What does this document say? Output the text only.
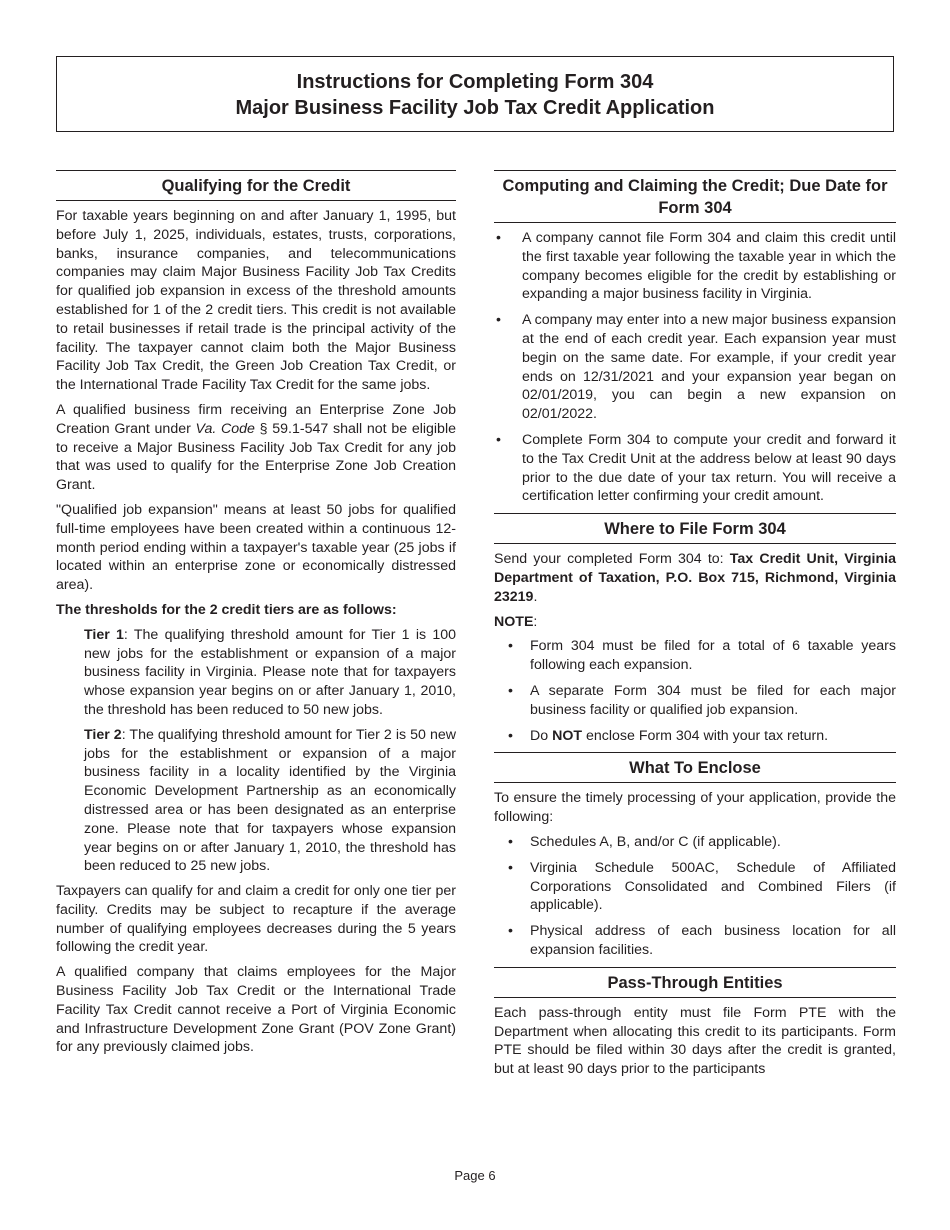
Instructions for Completing Form 304
Major Business Facility Job Tax Credit Application
Qualifying for the Credit

For taxable years beginning on and after January 1, 1995, but before July 1, 2025, individuals, estates, trusts, corporations, banks, insurance companies, and telecommunications companies may claim Major Business Facility Job Tax Credits for qualified job expansion in excess of the threshold amounts established for 1 of the 2 credit tiers. This credit is not available to retail businesses if retail trade is the principal activity of the facility. The taxpayer cannot claim both the Major Business Facility Job Tax Credit, the Green Job Creation Tax Credit, or the International Trade Facility Tax Credit for the same jobs.

A qualified business firm receiving an Enterprise Zone Job Creation Grant under Va. Code § 59.1-547 shall not be eligible to receive a Major Business Facility Job Tax Credit for any job that was used to qualify for the Enterprise Zone Job Creation Grant.

"Qualified job expansion" means at least 50 jobs for qualified full-time employees have been created within a continuous 12-month period ending within a taxpayer's taxable year (25 jobs if located within an enterprise zone or economically distressed area).

The thresholds for the 2 credit tiers are as follows:

Tier 1: The qualifying threshold amount for Tier 1 is 100 new jobs for the establishment or expansion of a major business facility in Virginia. Please note that for taxpayers whose expansion year begins on or after January 1, 2010, the threshold has been reduced to 50 new jobs.

Tier 2: The qualifying threshold amount for Tier 2 is 50 new jobs for the establishment or expansion of a major business facility in a locality identified by the Virginia Economic Development Partnership as an economically distressed area or has been designated as an enterprise zone. Please note that for taxpayers whose expansion year begins on or after January 1, 2010, the threshold has been reduced to 25 new jobs.

Taxpayers can qualify for and claim a credit for only one tier per facility. Credits may be subject to recapture if the average number of qualifying employees decreases during the 5 years following the credit year.

A qualified company that claims employees for the Major Business Facility Job Tax Credit or the International Trade Facility Tax Credit cannot receive a Port of Virginia Economic and Infrastructure Development Zone Grant (POV Zone Grant) for any previously claimed jobs.

Computing and Claiming the Credit; Due Date for Form 304
• A company cannot file Form 304 and claim this credit until the first taxable year following the taxable year in which the company becomes eligible for the credit by establishing or expanding a major business facility in Virginia.
• A company may enter into a new major business expansion at the end of each credit year. Each expansion year must begin on the same date. For example, if your credit year ends on 12/31/2021 and your expansion year began on 02/01/2019, you can begin a new expansion on 02/01/2022.
• Complete Form 304 to compute your credit and forward it to the Tax Credit Unit at the address below at least 90 days prior to the due date of your tax return. You will receive a certification letter confirming your credit amount.
Where to File Form 304

Send your completed Form 304 to: Tax Credit Unit, Virginia Department of Taxation, P.O. Box 715, Richmond, Virginia 23219.

NOTE:

• Form 304 must be filed for a total of 6 taxable years following each expansion.
• A separate Form 304 must be filed for each major business facility or qualified job expansion.
• Do NOT enclose Form 304 with your tax return.
What To Enclose

To ensure the timely processing of your application, provide the following:

• Schedules A, B, and/or C (if applicable).
• Virginia Schedule 500AC, Schedule of Affiliated Corporations Consolidated and Combined Filers (if applicable).
• Physical address of each business location for all expansion facilities.
Pass-Through Entities

Each pass-through entity must file Form PTE with the Department when allocating this credit to its participants. Form PTE should be filed within 30 days after the credit is granted, but at least 90 days prior to the participants

Page 6
